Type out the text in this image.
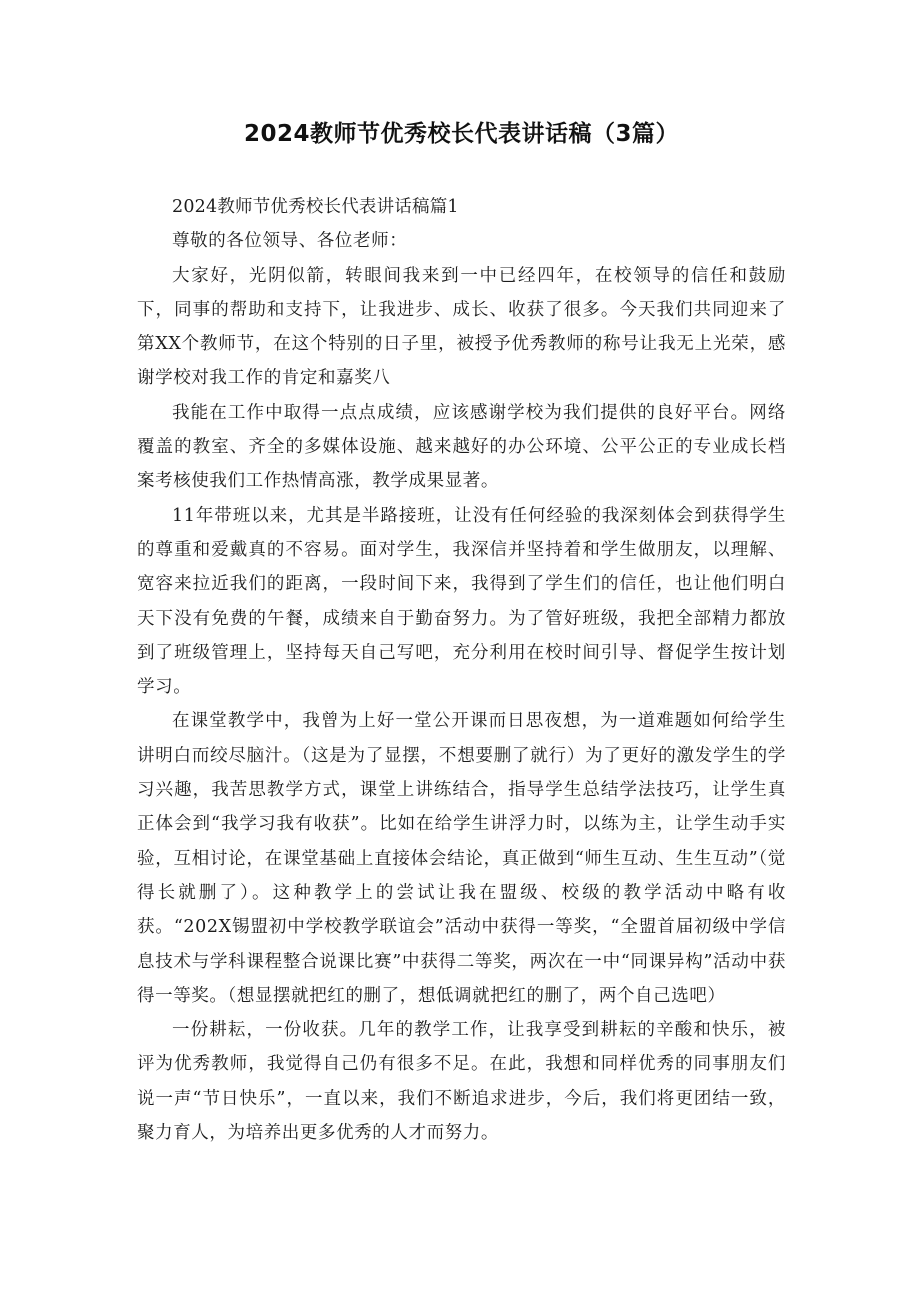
2024教师节优秀校长代表讲话稿（3篇）

2024教师节优秀校长代表讲话稿篇1

尊敬的各位领导、各位老师：

大家好，光阴似箭，转眼间我来到一中已经四年，在校领导的信任和鼓励下，同事的帮助和支持下，让我进步、成长、收获了很多。今天我们共同迎来了第XX个教师节，在这个特别的日子里，被授予优秀教师的称号让我无上光荣，感谢学校对我工作的肯定和嘉奖八

我能在工作中取得一点点成绩，应该感谢学校为我们提供的良好平台。网络覆盖的教室、齐全的多媒体设施、越来越好的办公环境、公平公正的专业成长档案考核使我们工作热情高涨，教学成果显著。

11年带班以来，尤其是半路接班，让没有任何经验的我深刻体会到获得学生的尊重和爱戴真的不容易。面对学生，我深信并坚持着和学生做朋友，以理解、宽容来拉近我们的距离，一段时间下来，我得到了学生们的信任，也让他们明白天下没有免费的午餐，成绩来自于勤奋努力。为了管好班级，我把全部精力都放到了班级管理上，坚持每天自己写吧，充分利用在校时间引导、督促学生按计划学习。

在课堂教学中，我曾为上好一堂公开课而日思夜想，为一道难题如何给学生讲明白而绞尽脑汁。（这是为了显摆，不想要删了就行）为了更好的激发学生的学习兴趣，我苦思教学方式，课堂上讲练结合，指导学生总结学法技巧，让学生真正体会到“我学习我有收获”。比如在给学生讲浮力时，以练为主，让学生动手实验，互相讨论，在课堂基础上直接体会结论，真正做到“师生互动、生生互动”（觉得长就删了）。这种教学上的尝试让我在盟级、校级的教学活动中略有收获。“202X锡盟初中学校教学联谊会”活动中获得一等奖，“全盟首届初级中学信息技术与学科课程整合说课比赛”中获得二等奖，两次在一中“同课异构”活动中获得一等奖。（想显摆就把红的删了，想低调就把红的删了，两个自己选吧）

一份耕耘，一份收获。几年的教学工作，让我享受到耕耘的辛酸和快乐，被评为优秀教师，我觉得自己仍有很多不足。在此，我想和同样优秀的同事朋友们说一声“节日快乐”，一直以来，我们不断追求进步，今后，我们将更团结一致，聚力育人，为培养出更多优秀的人才而努力。
